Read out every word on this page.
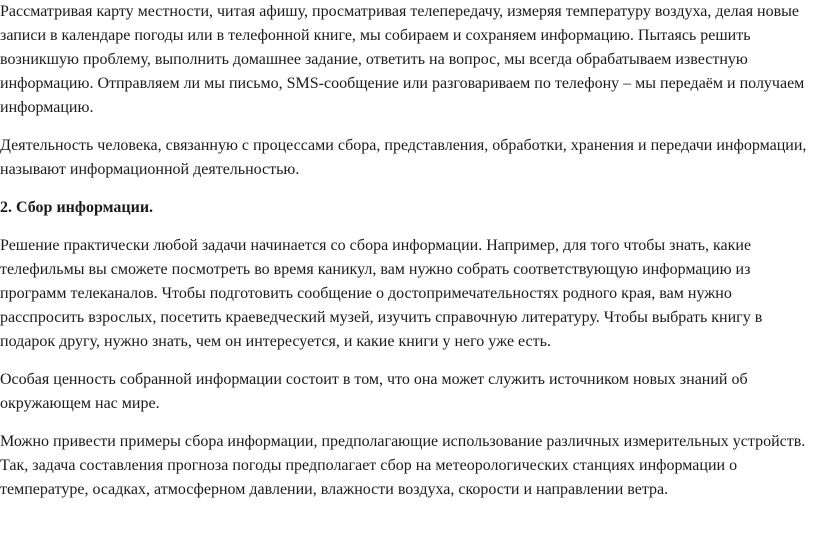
Рассматривая карту местности, читая афишу, просматривая телепередачу, измеряя температуру воздуха, делая новые записи в календаре погоды или в телефонной книге, мы собираем и сохраняем информацию. Пытаясь решить возникшую проблему, выполнить домашнее задание, ответить на вопрос, мы всегда обрабатываем известную информацию. Отправляем ли мы письмо, SMS-сообщение или разговариваем по телефону – мы передаём и получаем информацию.

Деятельность человека, связанную с процессами сбора, представления, обработки, хранения и передачи информации, называют информационной деятельностью.

2. Сбор информации.

Решение практически любой задачи начинается со сбора информации. Например, для того чтобы знать, какие телефильмы вы сможете посмотреть во время каникул, вам нужно собрать соответствующую информацию из программ телеканалов. Чтобы подготовить сообщение о достопримечательностях родного края, вам нужно расспросить взрослых, посетить краеведческий музей, изучить справочную литературу. Чтобы выбрать книгу в подарок другу, нужно знать, чем он интересуется, и какие книги у него уже есть.

Особая ценность собранной информации состоит в том, что она может служить источником новых знаний об окружающем нас мире.

Можно привести примеры сбора информации, предполагающие использование различных измерительных устройств. Так, задача составления прогноза погоды предполагает сбор на метеорологических станциях информации о температуре, осадках, атмосферном давлении, влажности воздуха, скорости и направлении ветра.
